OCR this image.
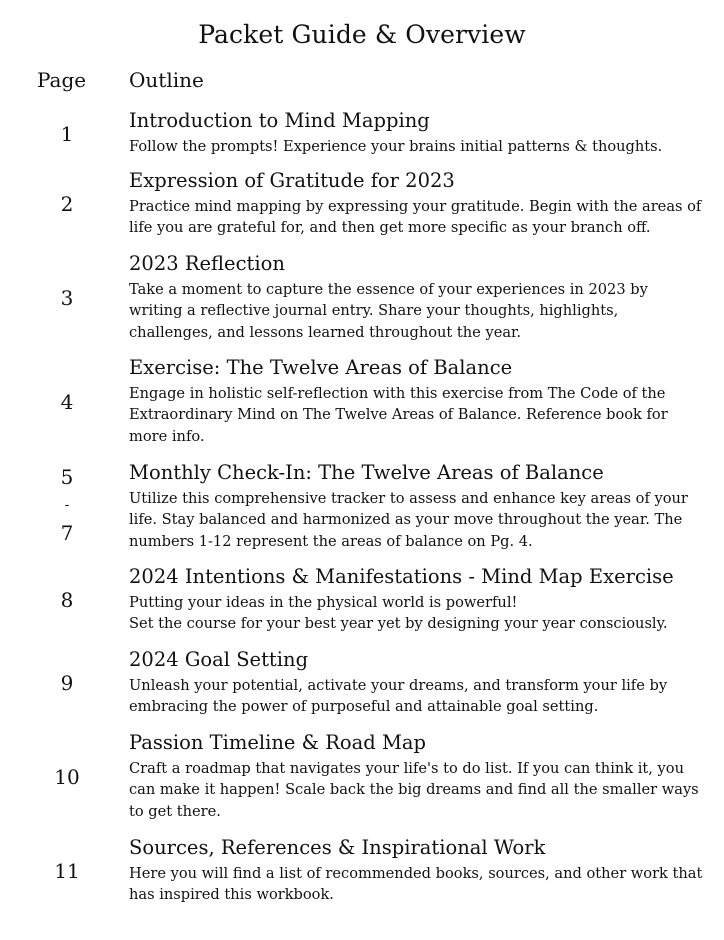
Packet Guide & Overview
Page Outline
1
Introduction to Mind Mapping
Follow the prompts! Experience your brains initial patterns & thoughts.
2
Expression of Gratitude for 2023
Practice mind mapping by expressing your gratitude. Begin with the areas of life you are grateful for, and then get more specific as your branch off.
3
2023 Reflection
Take a moment to capture the essence of your experiences in 2023 by writing a reflective journal entry. Share your thoughts, highlights, challenges, and lessons learned throughout the year.
4
Exercise: The Twelve Areas of Balance
Engage in holistic self-reflection with this exercise from The Code of the Extraordinary Mind on The Twelve Areas of Balance. Reference book for more info.
5
-
7
Monthly Check-In: The Twelve Areas of Balance
Utilize this comprehensive tracker to assess and enhance key areas of your life. Stay balanced and harmonized as your move throughout the year. The numbers 1-12 represent the areas of balance on Pg. 4.
8
2024 Intentions & Manifestations - Mind Map Exercise
Putting your ideas in the physical world is powerful!
Set the course for your best year yet by designing your year consciously.
9
2024 Goal Setting
Unleash your potential, activate your dreams, and transform your life by embracing the power of purposeful and attainable goal setting.
10
Passion Timeline & Road Map
Craft a roadmap that navigates your life's to do list. If you can think it, you can make it happen! Scale back the big dreams and find all the smaller ways to get there.
11
Sources, References & Inspirational Work
Here you will find a list of recommended books, sources, and other work that has inspired this workbook.
